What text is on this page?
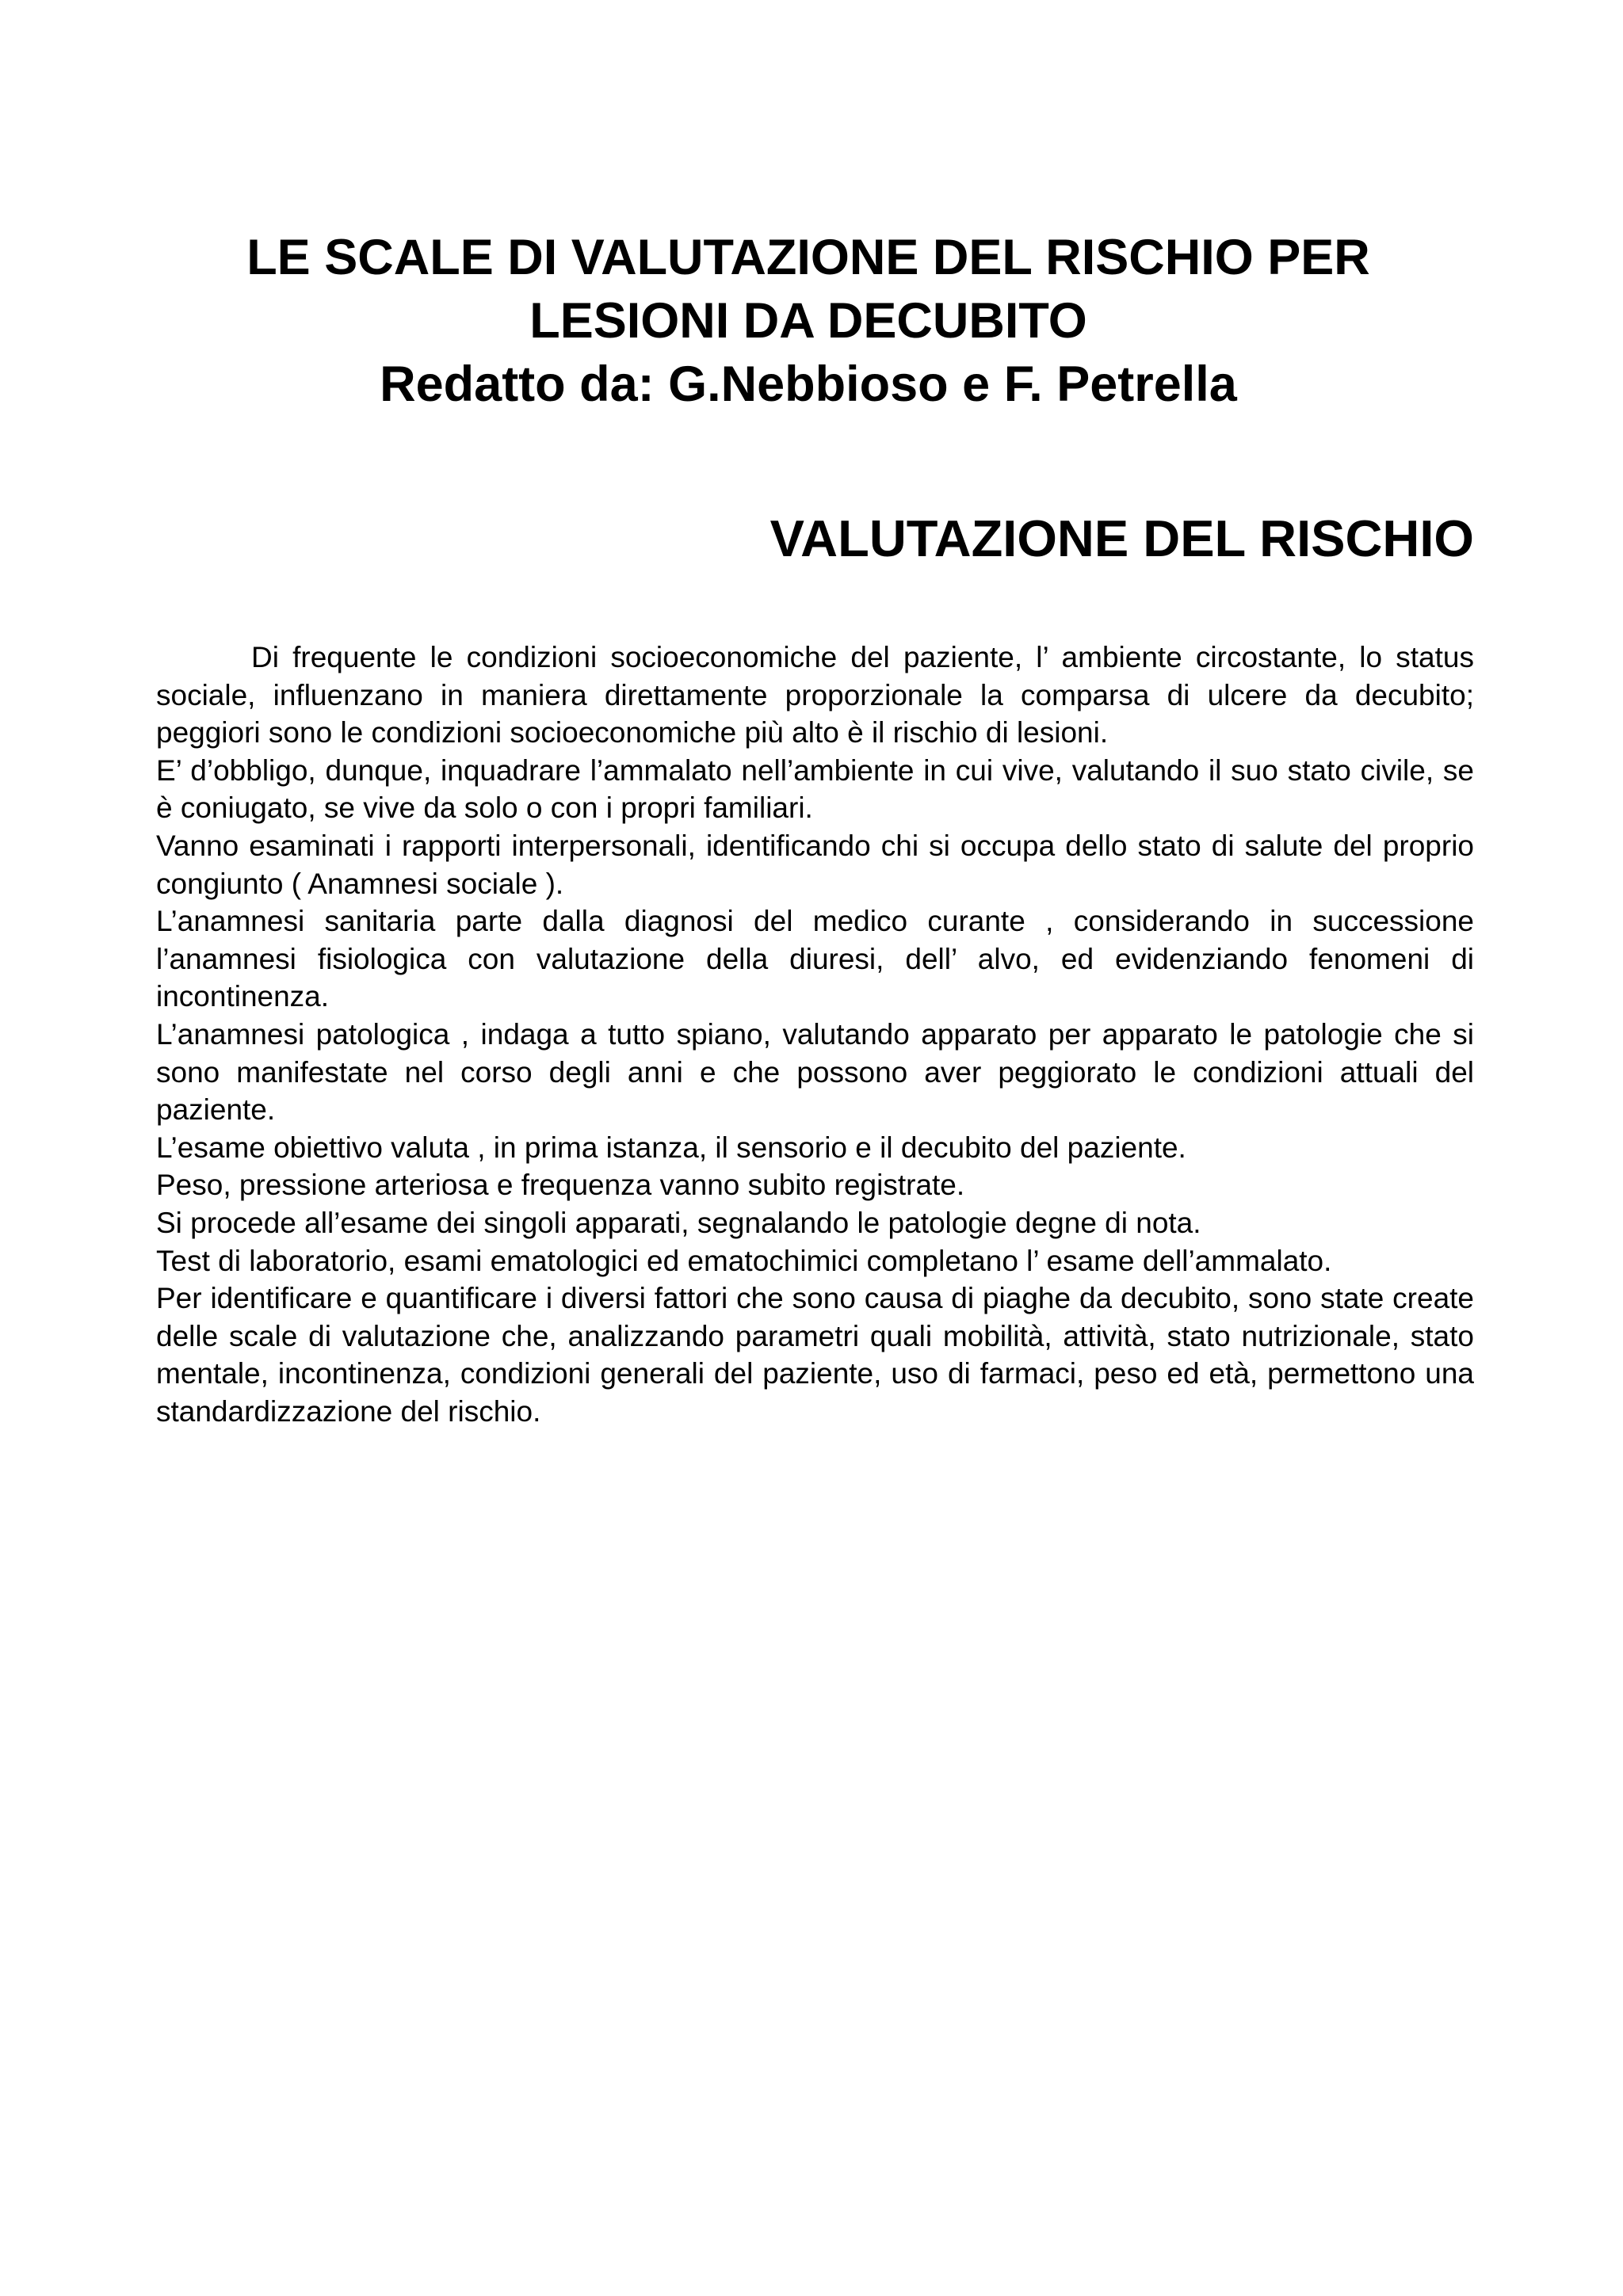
LE SCALE DI VALUTAZIONE DEL RISCHIO PER
LESIONI DA DECUBITO
Redatto da: G.Nebbioso e F. Petrella
VALUTAZIONE DEL RISCHIO

Di frequente le condizioni socioeconomiche del paziente, l’ ambiente circostante, lo status sociale, influenzano in maniera direttamente proporzionale la comparsa di ulcere da decubito; peggiori sono le condizioni socioeconomiche più alto è il rischio di lesioni.

E’ d’obbligo, dunque, inquadrare l’ammalato nell’ambiente in cui vive, valutando il suo stato civile, se è coniugato, se vive da solo o con i propri familiari.

Vanno esaminati i rapporti interpersonali, identificando chi si occupa dello stato di salute del proprio congiunto ( Anamnesi sociale ).

L’anamnesi sanitaria parte dalla diagnosi del medico curante , considerando in successione l’anamnesi fisiologica con valutazione della diuresi, dell’ alvo, ed evidenziando fenomeni di incontinenza.

L’anamnesi patologica , indaga a tutto spiano, valutando apparato per apparato le patologie che si sono manifestate nel corso degli anni e che possono aver peggiorato le condizioni attuali del paziente.

L’esame obiettivo valuta , in prima istanza, il sensorio e il decubito del paziente.

Peso, pressione arteriosa e frequenza vanno subito registrate.

Si procede all’esame dei singoli apparati, segnalando le patologie degne di nota.

Test di laboratorio, esami ematologici ed ematochimici completano l’ esame dell’ammalato.

Per identificare e quantificare i diversi fattori che sono causa di piaghe da decubito, sono state create delle scale di valutazione che, analizzando parametri quali mobilità, attività, stato nutrizionale, stato mentale, incontinenza, condizioni generali del paziente, uso di farmaci, peso ed età, permettono una standardizzazione del rischio.
